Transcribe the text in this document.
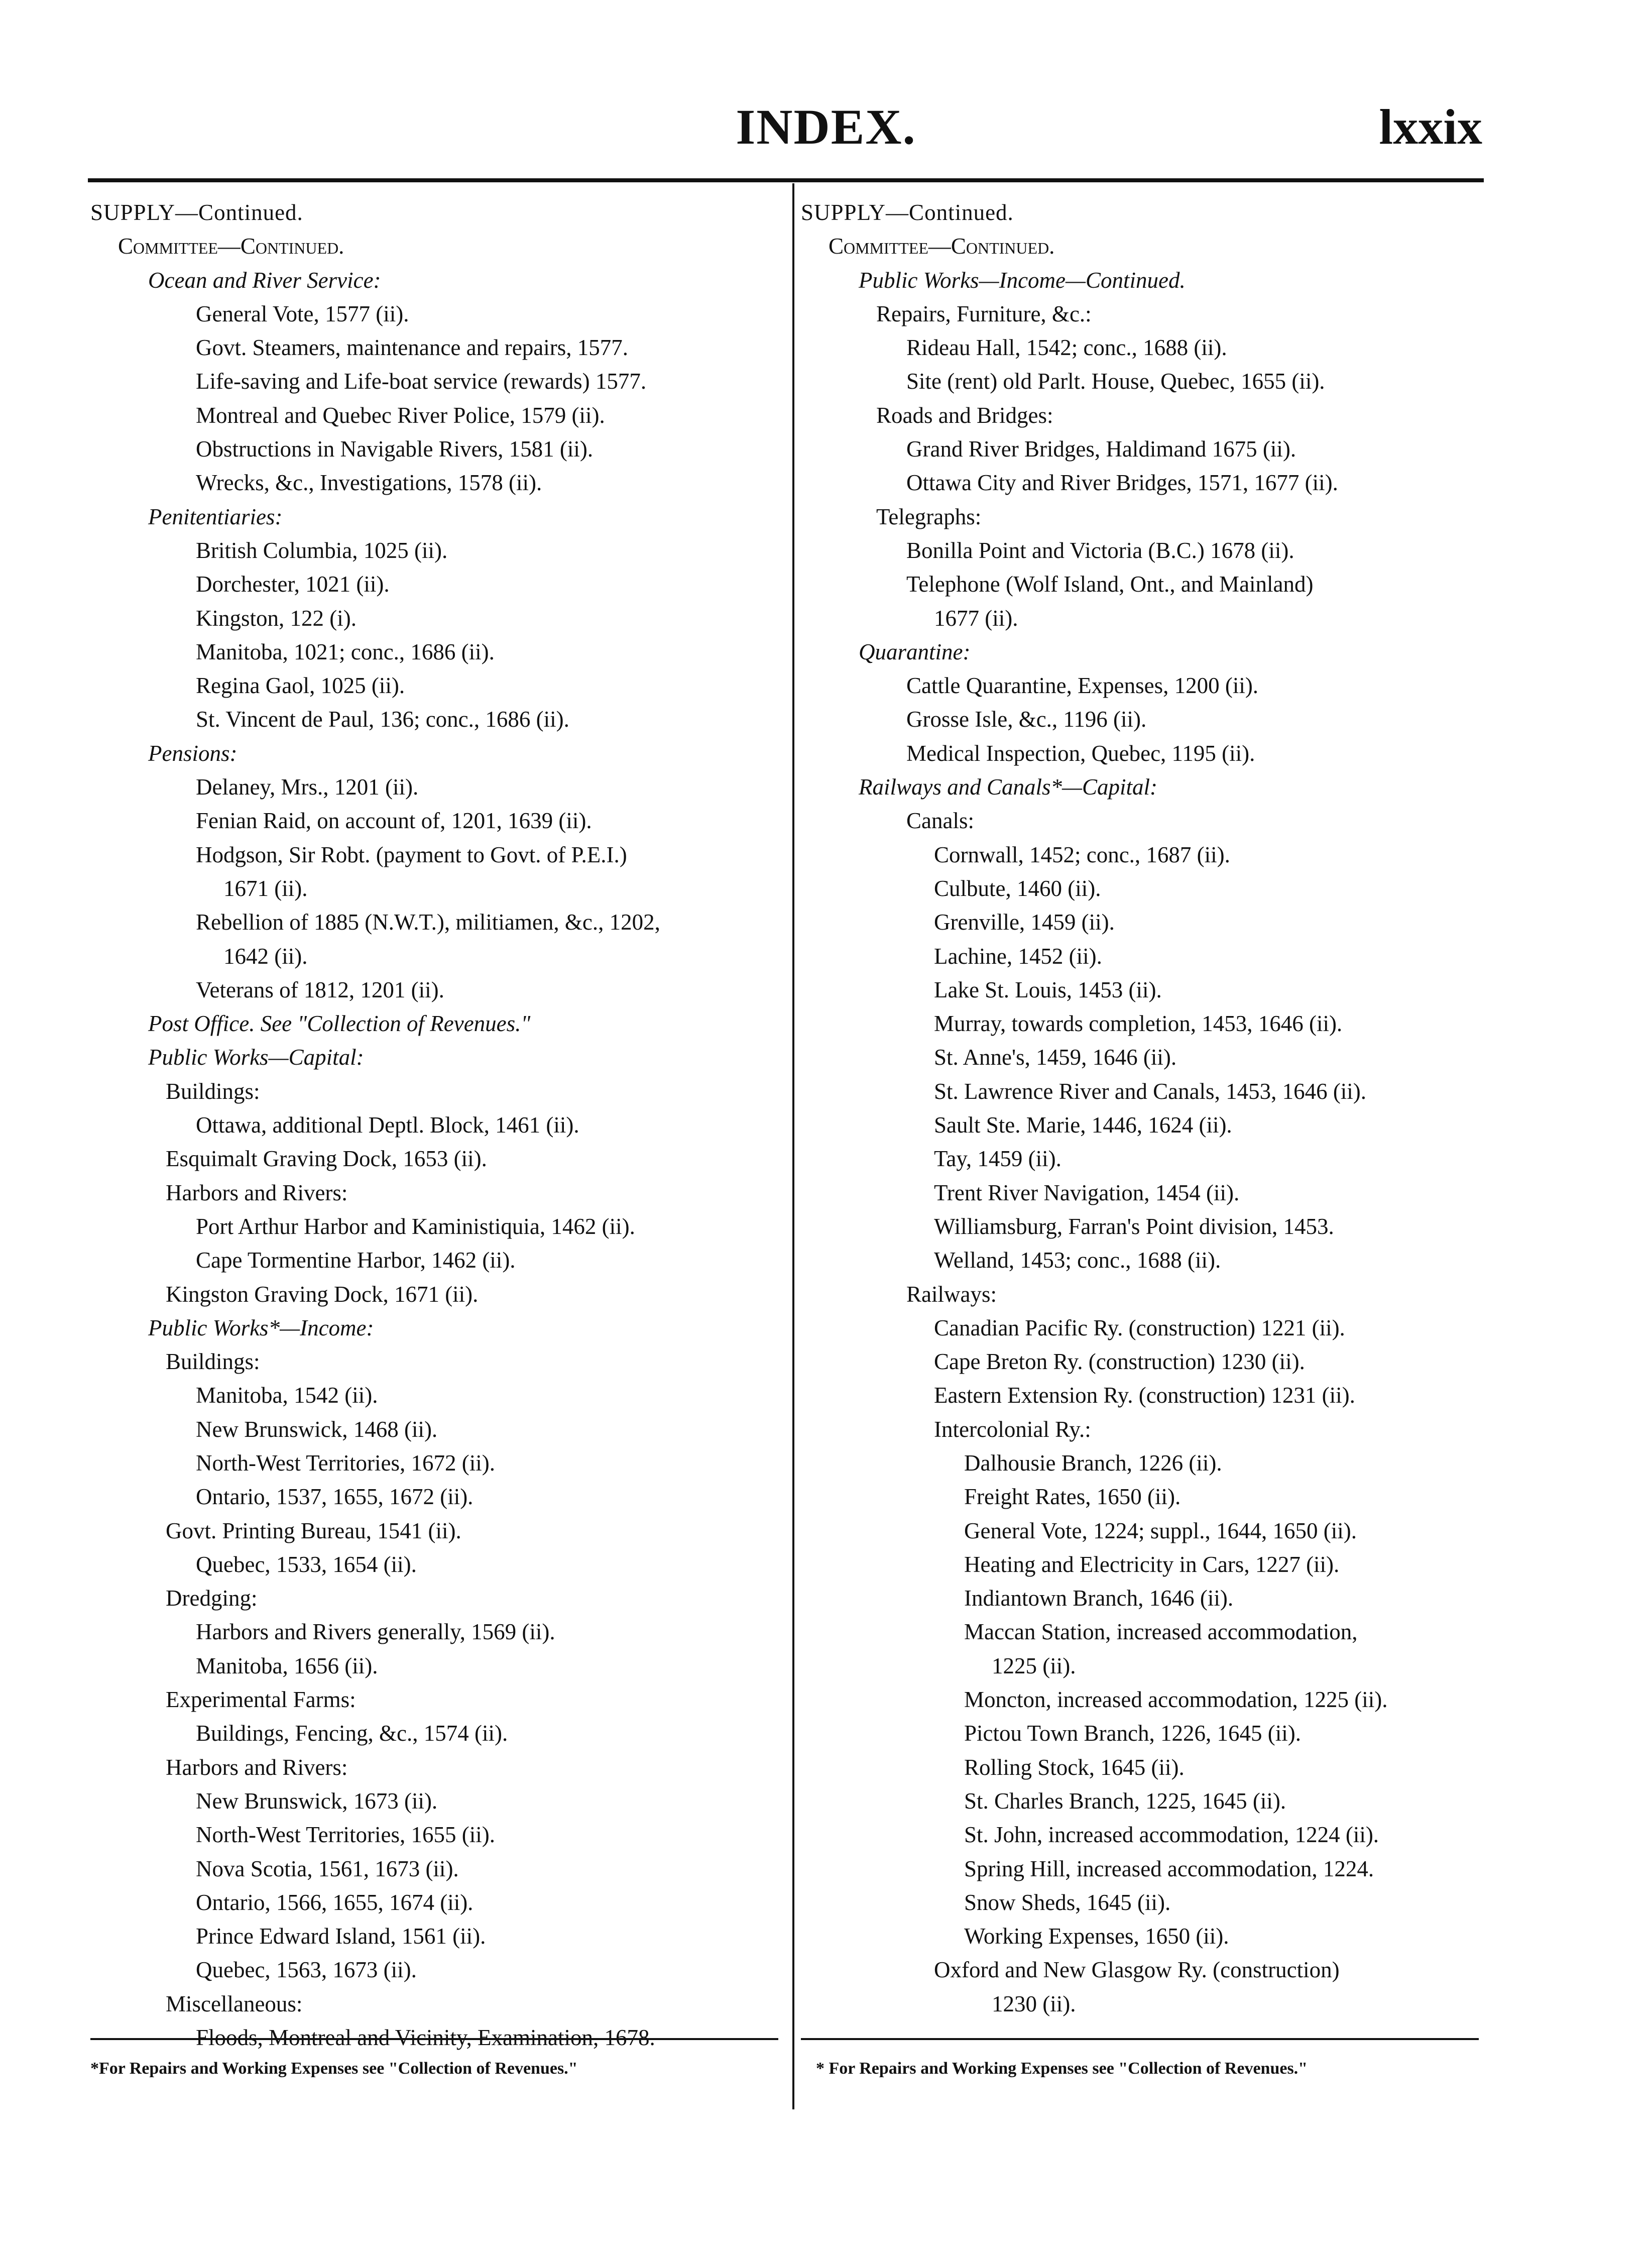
INDEX.	lxxix
SUPPLY—Continued.
Committee—Continued.
Ocean and River Service:
General Vote, 1577 (ii).
Govt. Steamers, maintenance and repairs, 1577.
Life-saving and Life-boat service (rewards) 1577.
Montreal and Quebec River Police, 1579 (ii).
Obstructions in Navigable Rivers, 1581 (ii).
Wrecks, &c., Investigations, 1578 (ii).
Penitentiaries:
British Columbia, 1025 (ii).
Dorchester, 1021 (ii).
Kingston, 122 (i).
Manitoba, 1021; conc., 1686 (ii).
Regina Gaol, 1025 (ii).
St. Vincent de Paul, 136; conc., 1686 (ii).
Pensions:
Delaney, Mrs., 1201 (ii).
Fenian Raid, on account of, 1201, 1639 (ii).
Hodgson, Sir Robt. (payment to Govt. of P.E.I.)
1671 (ii).
Rebellion of 1885 (N.W.T.), militiamen, &c., 1202,
1642 (ii).
Veterans of 1812, 1201 (ii).
Post Office. See "Collection of Revenues."
Public Works—Capital:
Buildings:
Ottawa, additional Deptl. Block, 1461 (ii).
Esquimalt Graving Dock, 1653 (ii).
Harbors and Rivers:
Port Arthur Harbor and Kaministiquia, 1462 (ii).
Cape Tormentine Harbor, 1462 (ii).
Kingston Graving Dock, 1671 (ii).
Public Works*—Income:
Buildings:
Manitoba, 1542 (ii).
New Brunswick, 1468 (ii).
North-West Territories, 1672 (ii).
Ontario, 1537, 1655, 1672 (ii).
Govt. Printing Bureau, 1541 (ii).
Quebec, 1533, 1654 (ii).
Dredging:
Harbors and Rivers generally, 1569 (ii).
Manitoba, 1656 (ii).
Experimental Farms:
Buildings, Fencing, &c., 1574 (ii).
Harbors and Rivers:
New Brunswick, 1673 (ii).
North-West Territories, 1655 (ii).
Nova Scotia, 1561, 1673 (ii).
Ontario, 1566, 1655, 1674 (ii).
Prince Edward Island, 1561 (ii).
Quebec, 1563, 1673 (ii).
Miscellaneous:
Floods, Montreal and Vicinity, Examination, 1678.
SUPPLY—Continued.
Committee—Continued.
Public Works—Income—Continued.
Repairs, Furniture, &c.:
Rideau Hall, 1542; conc., 1688 (ii).
Site (rent) old Parlt. House, Quebec, 1655 (ii).
Roads and Bridges:
Grand River Bridges, Haldimand 1675 (ii).
Ottawa City and River Bridges, 1571, 1677 (ii).
Telegraphs:
Bonilla Point and Victoria (B.C.) 1678 (ii).
Telephone (Wolf Island, Ont., and Mainland)
1677 (ii).
Quarantine:
Cattle Quarantine, Expenses, 1200 (ii).
Grosse Isle, &c., 1196 (ii).
Medical Inspection, Quebec, 1195 (ii).
Railways and Canals*—Capital:
Canals:
Cornwall, 1452; conc., 1687 (ii).
Culbute, 1460 (ii).
Grenville, 1459 (ii).
Lachine, 1452 (ii).
Lake St. Louis, 1453 (ii).
Murray, towards completion, 1453, 1646 (ii).
St. Anne's, 1459, 1646 (ii).
St. Lawrence River and Canals, 1453, 1646 (ii).
Sault Ste. Marie, 1446, 1624 (ii).
Tay, 1459 (ii).
Trent River Navigation, 1454 (ii).
Williamsburg, Farran's Point division, 1453.
Welland, 1453; conc., 1688 (ii).
Railways:
Canadian Pacific Ry. (construction) 1221 (ii).
Cape Breton Ry. (construction) 1230 (ii).
Eastern Extension Ry. (construction) 1231 (ii).
Intercolonial Ry.:
Dalhousie Branch, 1226 (ii).
Freight Rates, 1650 (ii).
General Vote, 1224; suppl., 1644, 1650 (ii).
Heating and Electricity in Cars, 1227 (ii).
Indiantown Branch, 1646 (ii).
Maccan Station, increased accommodation,
1225 (ii).
Moncton, increased accommodation, 1225 (ii).
Pictou Town Branch, 1226, 1645 (ii).
Rolling Stock, 1645 (ii).
St. Charles Branch, 1225, 1645 (ii).
St. John, increased accommodation, 1224 (ii).
Spring Hill, increased accommodation, 1224.
Snow Sheds, 1645 (ii).
Working Expenses, 1650 (ii).
Oxford and New Glasgow Ry. (construction)
1230 (ii).
*For Repairs and Working Expenses see "Collection of Revenues."	* For Repairs and Working Expenses see "Collection of Revenues."
